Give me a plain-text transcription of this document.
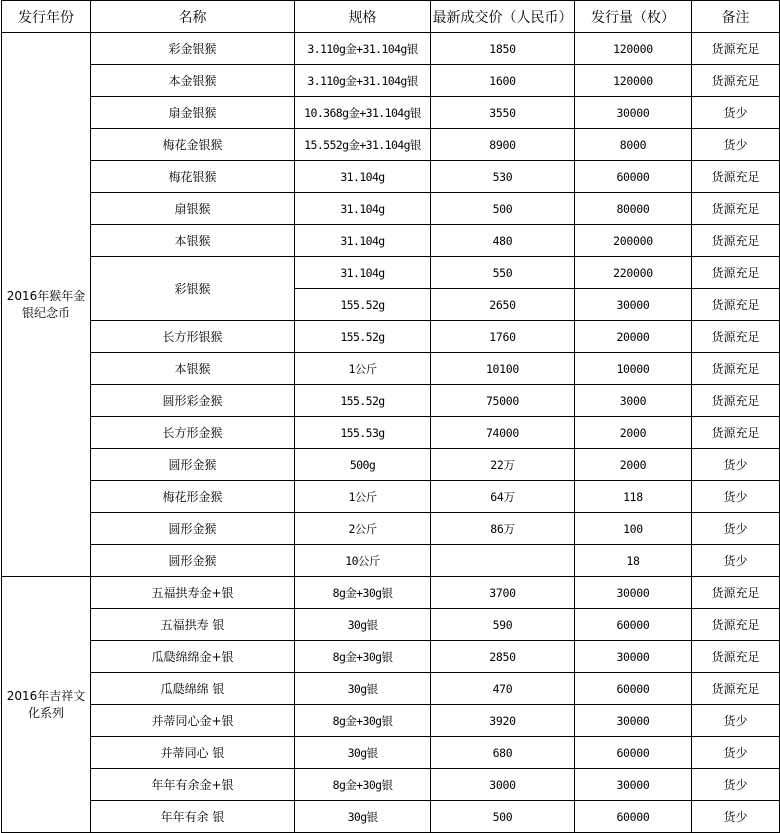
发行年份	名称	规格	最新成交价（人民币）	发行量（枚）	备注
2016年猴年金银纪念币	彩金银猴	3.110g金+31.104g银	1850	120000	货源充足
	本金银猴	3.110g金+31.104g银	1600	120000	货源充足
	扇金银猴	10.368g金+31.104g银	3550	30000	货少
	梅花金银猴	15.552g金+31.104g银	8900	8000	货少
	梅花银猴	31.104g	530	60000	货源充足
	扇银猴	31.104g	500	80000	货源充足
	本银猴	31.104g	480	200000	货源充足
	彩银猴	31.104g	550	220000	货源充足
		155.52g	2650	30000	货源充足
	长方形银猴	155.52g	1760	20000	货源充足
	本银猴	1公斤	10100	10000	货源充足
	圆形彩金猴	155.52g	75000	3000	货源充足
	长方形金猴	155.53g	74000	2000	货源充足
	圆形金猴	500g	22万	2000	货少
	梅花形金猴	1公斤	64万	118	货少
	圆形金猴	2公斤	86万	100	货少
	圆形金猴	10公斤		18	货少
2016年吉祥文化系列	五福拱寿金+银	8g金+30g银	3700	30000	货源充足
	五福拱寿 银	30g银	590	60000	货源充足
	瓜瓞绵绵金+银	8g金+30g银	2850	30000	货源充足
	瓜瓞绵绵 银	30g银	470	60000	货源充足
	并蒂同心金+银	8g金+30g银	3920	30000	货少
	并蒂同心 银	30g银	680	60000	货少
	年年有余金+银	8g金+30g银	3000	30000	货少
	年年有余 银	30g银	500	60000	货少
